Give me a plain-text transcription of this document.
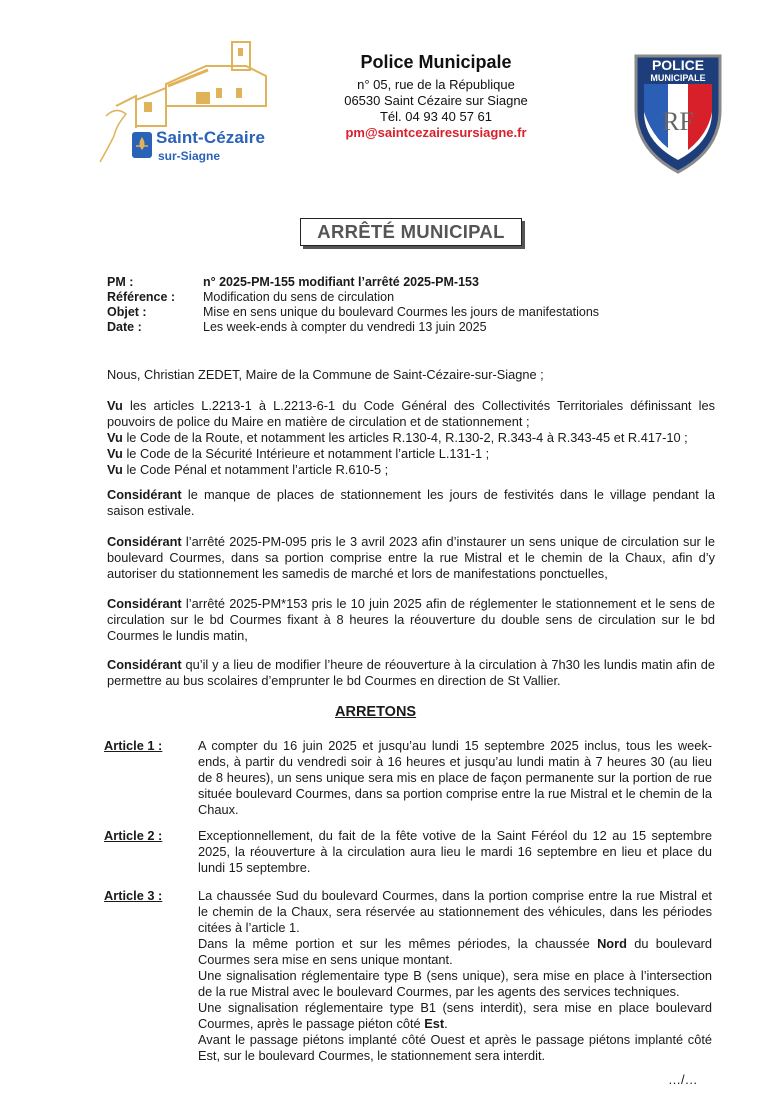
Saint-Cézaire
sur-Siagne
Police Municipale
n° 05, rue de la République
06530 Saint Cézaire sur Siagne
Tél. 04 93 40 57 61
pm@saintcezairesursiagne.fr
POLICE
MUNICIPALE
RF
ARRÊTÉ MUNICIPAL
PM :	n° 2025-PM-155 modifiant l’arrêté 2025-PM-153
Référence :	Modification du sens de circulation
Objet :	Mise en sens unique du boulevard Courmes les jours de manifestations
Date :	Les week-ends à compter du vendredi 13 juin 2025
Nous, Christian ZEDET, Maire de la Commune de Saint-Cézaire-sur-Siagne ;
Vu les articles L.2213-1 à L.2213-6-1 du Code Général des Collectivités Territoriales définissant les pouvoirs de police du Maire en matière de circulation et de stationnement ;
Vu le Code de la Route, et notamment les articles R.130-4, R.130-2, R.343-4 à R.343-45 et R.417-10 ;
Vu le Code de la Sécurité Intérieure et notamment l’article L.131-1 ;
Vu le Code Pénal et notamment l’article R.610-5 ;
Considérant le manque de places de stationnement les jours de festivités dans le village pendant la saison estivale.
Considérant l’arrêté 2025-PM-095 pris le 3 avril 2023 afin d’instaurer un sens unique de circulation sur le boulevard Courmes, dans sa portion comprise entre la rue Mistral et le chemin de la Chaux, afin d’y autoriser du stationnement les samedis de marché et lors de manifestations ponctuelles,
Considérant l’arrêté 2025-PM*153 pris le 10 juin 2025 afin de réglementer le stationnement et le sens de circulation sur le bd Courmes fixant à 8 heures la réouverture du double sens de circulation sur le bd Courmes le lundis matin,
Considérant qu’il y a lieu de modifier l’heure de réouverture à la circulation à 7h30 les lundis matin afin de permettre au bus scolaires d’emprunter le bd Courmes en direction de St Vallier.
ARRETONS
Article 1 :	A compter du 16 juin 2025 et jusqu’au lundi 15 septembre 2025 inclus, tous les week-ends, à partir du vendredi soir à 16 heures et jusqu’au lundi matin à 7 heures 30 (au lieu de 8 heures), un sens unique sera mis en place de façon permanente sur la portion de rue située boulevard Courmes, dans sa portion comprise entre la rue Mistral et le chemin de la Chaux.
Article 2 :	Exceptionnellement, du fait de la fête votive de la Saint Féréol du 12 au 15 septembre 2025, la réouverture à la circulation aura lieu le mardi 16 septembre en lieu et place du lundi 15 septembre.
Article 3 :	La chaussée Sud du boulevard Courmes, dans la portion comprise entre la rue Mistral et le chemin de la Chaux, sera réservée au stationnement des véhicules, dans les périodes citées à l’article 1.
Dans la même portion et sur les mêmes périodes, la chaussée Nord du boulevard Courmes sera mise en sens unique montant.
Une signalisation réglementaire type B (sens unique), sera mise en place à l’intersection de la rue Mistral avec le boulevard Courmes, par les agents des services techniques.
Une signalisation réglementaire type B1 (sens interdit), sera mise en place boulevard Courmes, après le passage piéton côté Est.
Avant le passage piétons implanté côté Ouest et après le passage piétons implanté côté Est, sur le boulevard Courmes, le stationnement sera interdit.
…/…
